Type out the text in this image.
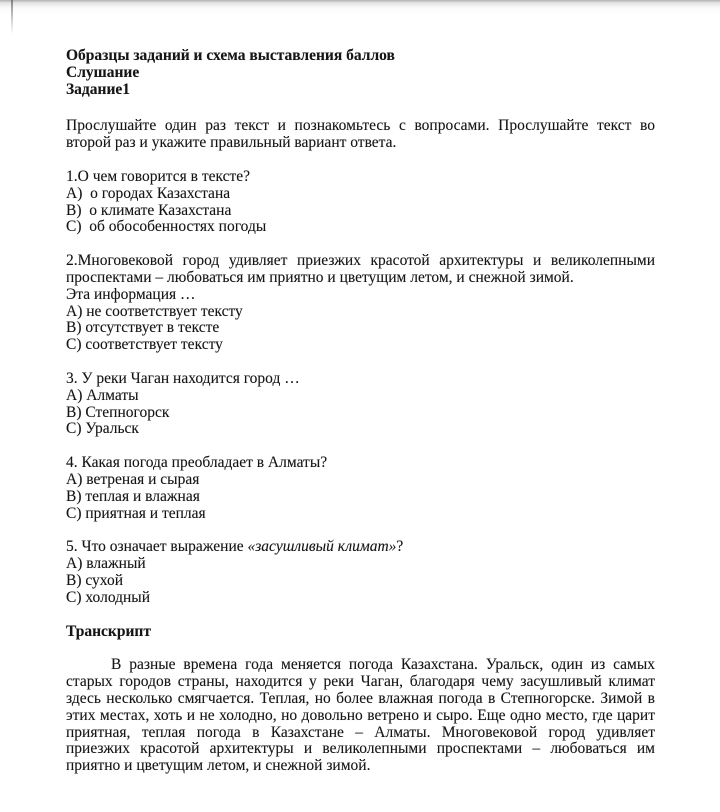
Образцы заданий и схема выставления баллов

Слушание

Задание1

Прослушайте один раз текст и познакомьтесь с вопросами. Прослушайте текст во второй раз и укажите правильный вариант ответа.

1.О чем говорится в тексте?

А)  о городах Казахстана

В)  о климате Казахстана

С)  об обособенностях погоды

2.Многовековой город удивляет приезжих красотой архитектуры и великолепными проспектами – любоваться им приятно и цветущим летом, и снежной зимой.

Эта информация …

А) не соответствует тексту

В) отсутствует в тексте

С) соответствует тексту

3. У реки Чаган находится город …

А) Алматы

В) Степногорск

С) Уральск

4. Какая погода преобладает в Алматы?

А) ветреная и сырая

В) теплая и влажная

С) приятная и теплая

5. Что означает выражение «засушливый климат»?

А) влажный

В) сухой

С) холодный

Транскрипт

В разные времена года меняется погода Казахстана. Уральск, один из самых старых городов страны, находится у реки Чаган, благодаря чему засушливый климат здесь несколько смягчается. Теплая, но более влажная погода в Степногорске. Зимой в этих местах, хоть и не холодно, но довольно ветрено и сыро. Еще одно место, где царит приятная, теплая погода в Казахстане – Алматы. Многовековой город удивляет приезжих красотой архитектуры и великолепными проспектами – любоваться им приятно и цветущим летом, и снежной зимой.
